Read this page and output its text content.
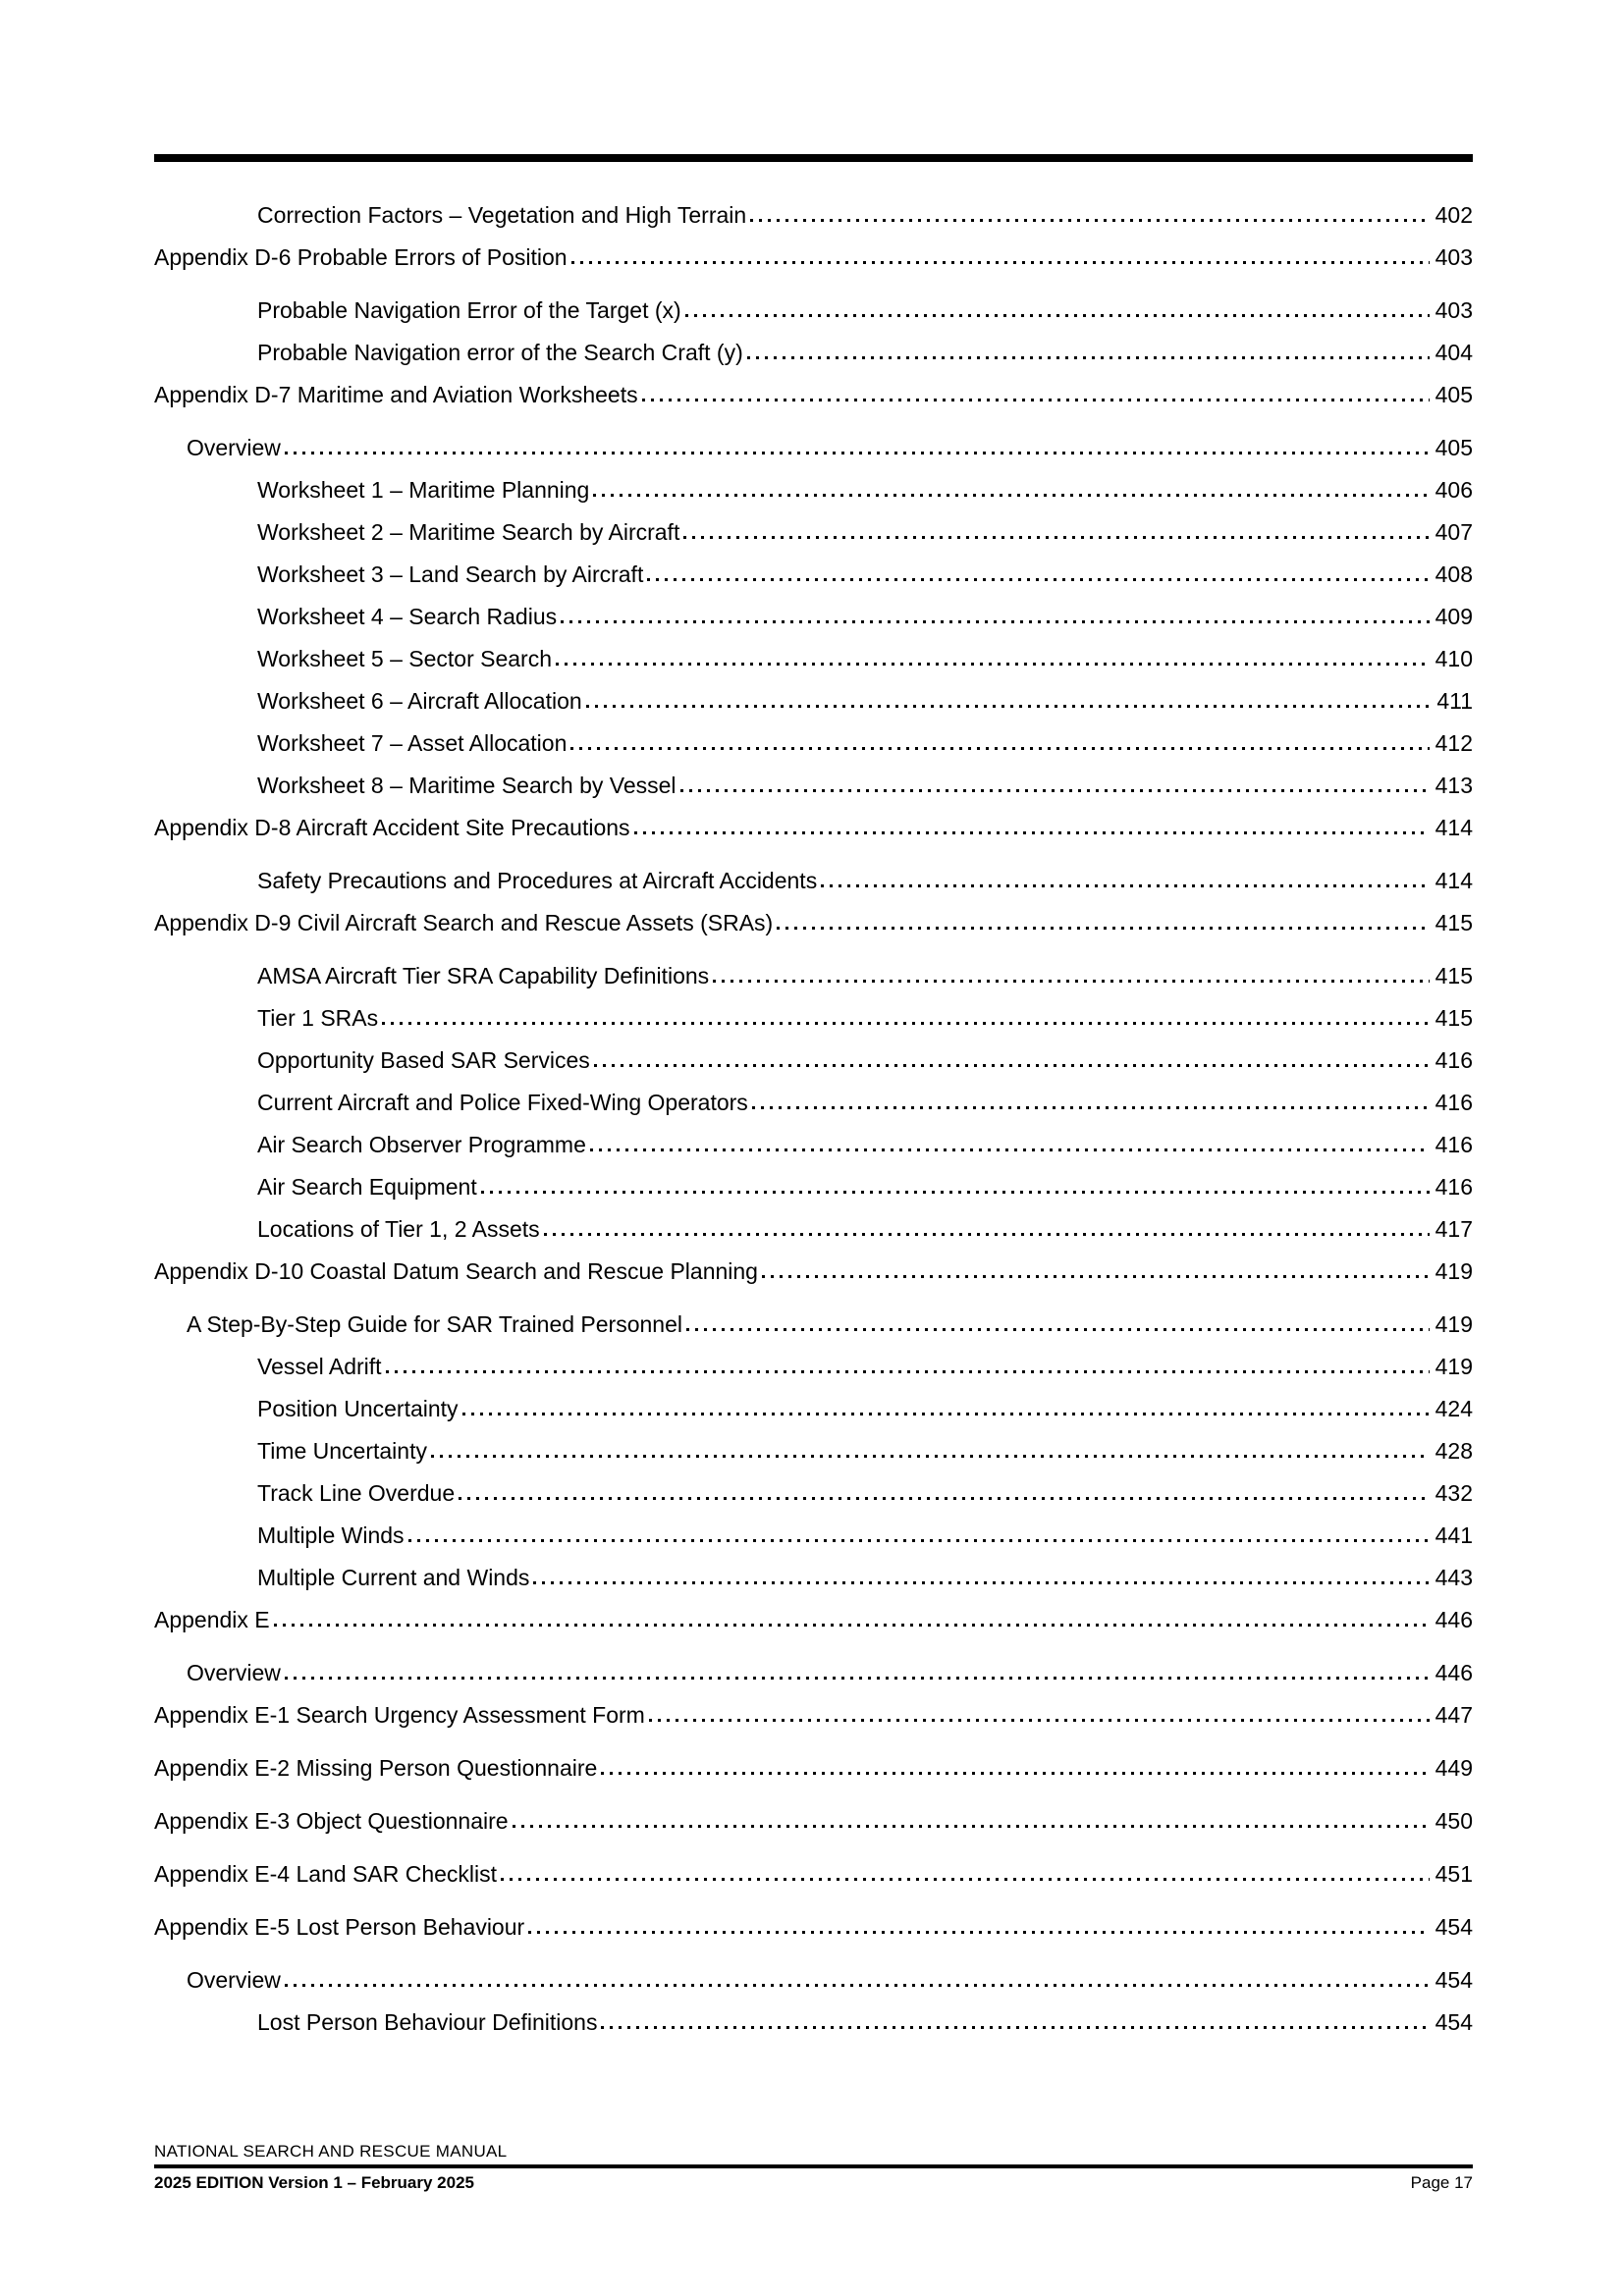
Correction Factors – Vegetation and High Terrain	402
Appendix D-6 Probable Errors of Position	403
Probable Navigation Error of the Target (x)	403
Probable Navigation error of the Search Craft (y)	404
Appendix D-7 Maritime and Aviation Worksheets	405
Overview	405
Worksheet 1 – Maritime Planning	406
Worksheet 2 – Maritime Search by Aircraft	407
Worksheet 3 – Land Search by Aircraft	408
Worksheet 4 – Search Radius	409
Worksheet 5 – Sector Search	410
Worksheet 6 – Aircraft Allocation	411
Worksheet 7 – Asset Allocation	412
Worksheet 8 – Maritime Search by Vessel	413
Appendix D-8 Aircraft Accident Site Precautions	414
Safety Precautions and Procedures at Aircraft Accidents	414
Appendix D-9 Civil Aircraft Search and Rescue Assets (SRAs)	415
AMSA Aircraft Tier SRA Capability Definitions	415
Tier 1 SRAs	415
Opportunity Based SAR Services	416
Current Aircraft and Police Fixed-Wing Operators	416
Air Search Observer Programme	416
Air Search Equipment	416
Locations of Tier 1, 2 Assets	417
Appendix D-10 Coastal Datum Search and Rescue Planning	419
A Step-By-Step Guide for SAR Trained Personnel	419
Vessel Adrift	419
Position Uncertainty	424
Time Uncertainty	428
Track Line Overdue	432
Multiple Winds	441
Multiple Current and Winds	443
Appendix E	446
Overview	446
Appendix E-1 Search Urgency Assessment Form	447
Appendix E-2 Missing Person Questionnaire	449
Appendix E-3 Object Questionnaire	450
Appendix E-4 Land SAR Checklist	451
Appendix E-5 Lost Person Behaviour	454
Overview	454
Lost Person Behaviour Definitions	454
NATIONAL SEARCH AND RESCUE MANUAL
2025 EDITION Version 1 – February 2025	Page 17
